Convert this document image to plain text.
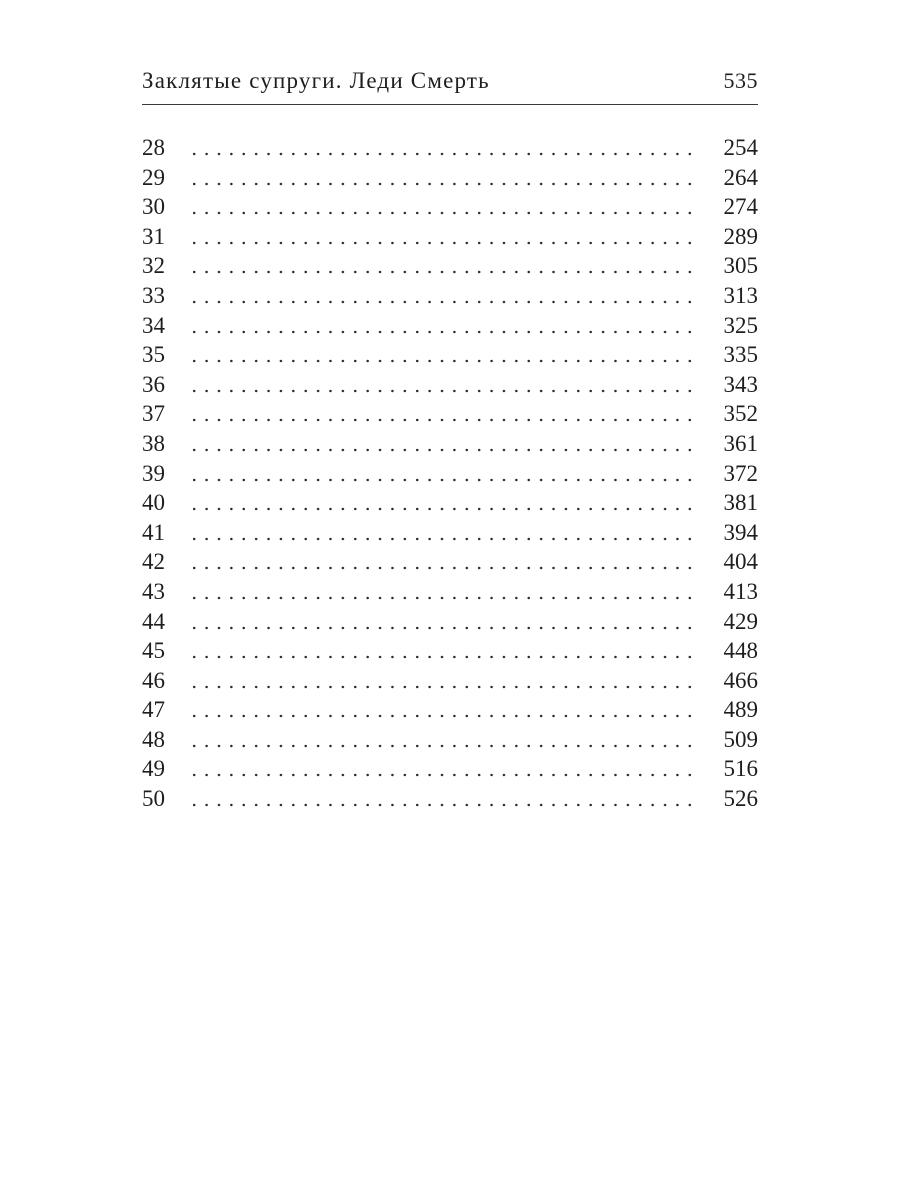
Заклятые супруги. Леди Смерть	535
28	254
29	264
30	274
31	289
32	305
33	313
34	325
35	335
36	343
37	352
38	361
39	372
40	381
41	394
42	404
43	413
44	429
45	448
46	466
47	489
48	509
49	516
50	526
